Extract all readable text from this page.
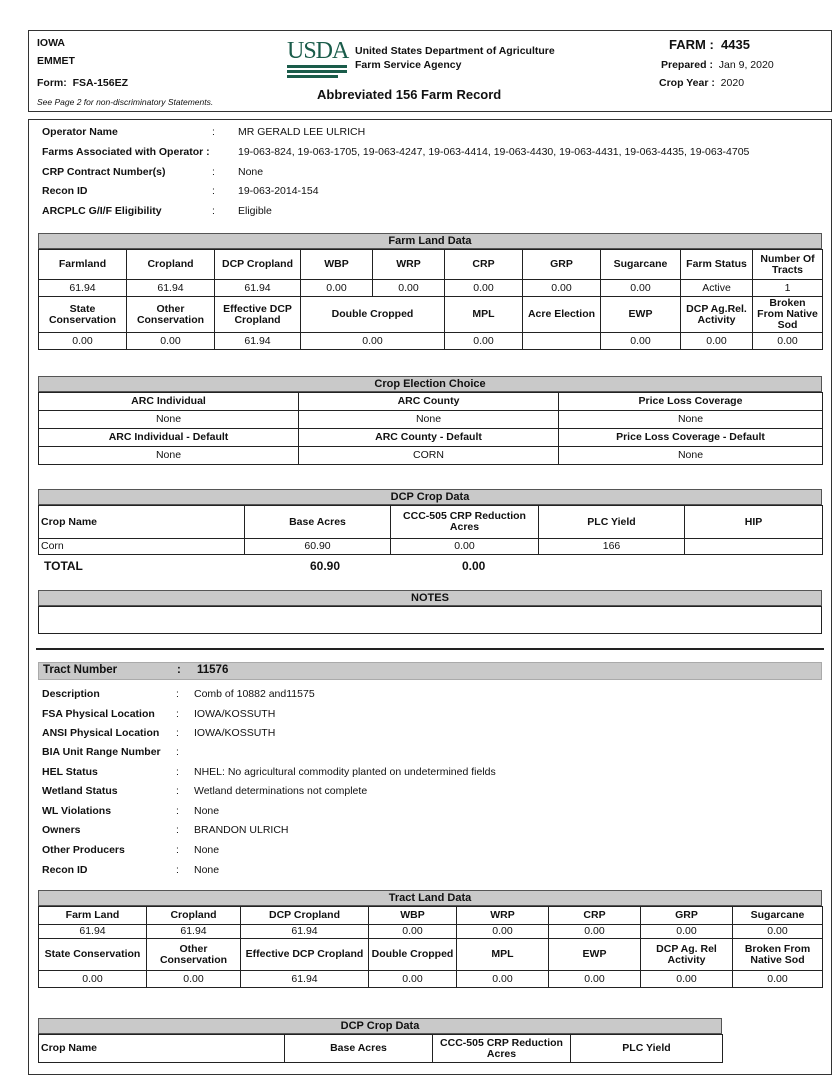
IOWA
EMMET
Form: FSA-156EZ
See Page 2 for non-discriminatory Statements.
USDA United States Department of Agriculture
Farm Service Agency
Abbreviated 156 Farm Record
FARM : 4435
Prepared : Jan 9, 2020
Crop Year : 2020
Operator Name	: MR GERALD LEE ULRICH
Farms Associated with Operator :	19-063-824, 19-063-1705, 19-063-4247, 19-063-4414, 19-063-4430, 19-063-4431, 19-063-4435, 19-063-4705
CRP Contract Number(s)	: None
Recon ID	: 19-063-2014-154
ARCPLC G/I/F Eligibility	: Eligible
Farm Land Data
Farmland	Cropland	DCP Cropland	WBP	WRP	CRP	GRP	Sugarcane	Farm Status	Number Of Tracts
61.94	61.94	61.94	0.00	0.00	0.00	0.00	0.00	Active	1
State Conservation	Other Conservation	Effective DCP Cropland	Double Cropped		MPL	Acre Election	EWP	DCP Ag.Rel. Activity	Broken From Native Sod
0.00	0.00	61.94	0.00		0.00		0.00	0.00	0.00
Crop Election Choice
ARC Individual	ARC County	Price Loss Coverage
None	None	None
ARC Individual - Default	ARC County - Default	Price Loss Coverage - Default
None	CORN	None
DCP Crop Data
Crop Name	Base Acres	CCC-505 CRP Reduction Acres	PLC Yield	HIP
Corn	60.90	0.00	166	
TOTAL	60.90	0.00
NOTES
Tract Number	: 11576
Description	: Comb of 10882 and11575
FSA Physical Location : IOWA/KOSSUTH
ANSI Physical Location : IOWA/KOSSUTH
BIA Unit Range Number :
HEL Status	: NHEL: No agricultural commodity planted on undetermined fields
Wetland Status	: Wetland determinations not complete
WL Violations	: None
Owners	: BRANDON ULRICH
Other Producers	: None
Recon ID	: None
Tract Land Data
Farm Land	Cropland	DCP Cropland	WBP	WRP	CRP	GRP	Sugarcane
61.94	61.94	61.94	0.00	0.00	0.00	0.00	0.00
State Conservation	Other Conservation	Effective DCP Cropland	Double Cropped	MPL	EWP	DCP Ag. Rel Activity	Broken From Native Sod
0.00	0.00	61.94	0.00	0.00	0.00	0.00	0.00
DCP Crop Data
Crop Name	Base Acres	CCC-505 CRP Reduction Acres	PLC Yield
